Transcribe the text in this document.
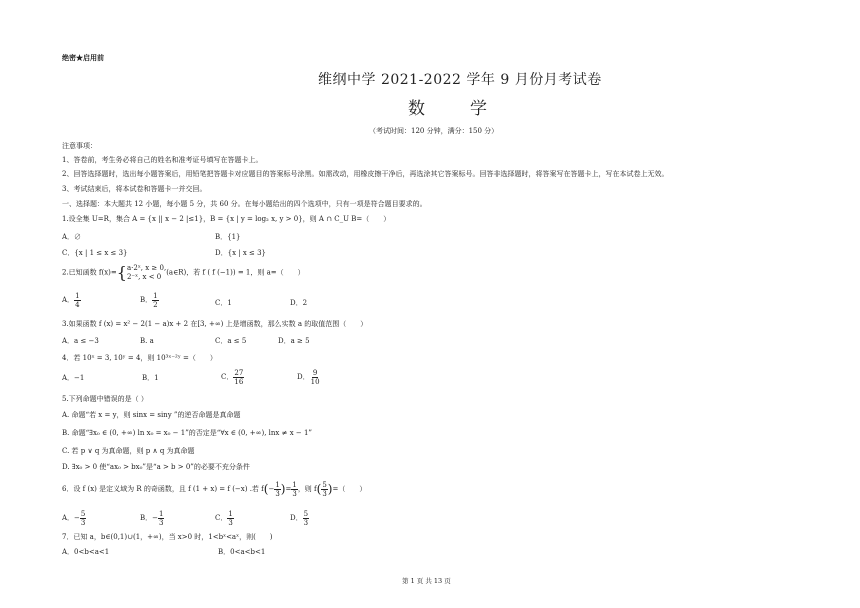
绝密★启用前
维纲中学 2021-2022 学年 9 月份月考试卷
数　学
（考试时间：120 分钟，满分：150 分）
注意事项：
1、答卷前，考生务必将自己的姓名和准考证号填写在答题卡上。
2、回答选择题时，选出每小题答案后，用铅笔把答题卡对应题目的答案标号涂黑。如需改动，用橡皮擦干净后，再选涂其它答案标号。回答非选择题时，将答案写在答题卡上，写在本试卷上无效。
3、考试结束后，将本试卷和答题卡一并交回。
一、选择题：本大题共 12 小题，每小题 5 分，共 60 分。在每小题给出的四个选项中，只有一项是符合题目要求的。
1.设全集 U=R，集合 A = {x || x − 2 |≤1}，B = {x | y = log₂ x, y > 0}，则 A ∩ C_U B=（　　）
A．∅	B．{1}
C．{x | 1 ≤ x ≤ 3}	D．{x | x ≤ 3}
2.已知函数 f(x)={ a·2ˣ, x ≥ 0,
2⁻ˣ, x < 0
(a∈R)，若 f ( f (−1)) = 1，则 a=（　　）
A． $\frac{1}{4}$	B． $\frac{1}{2}$	C．1	D．2
3.如果函数 f (x) = x² − 2(1 − a)x + 2 在[3, +∞) 上是增函数，那么实数 a 的取值范围（　　）
A．a ≤ −3	B. a	C．a ≤ 5	D．a ≥ 5
4．若 10ˣ = 3, 10ʸ = 4，则 10³ˣ⁻²ʸ =（　　）
A．−1	B．1	C． $\frac{27}{16}$	D． $\frac{9}{10}$
5.下列命题中错误的是（ ）
A. 命题“若 x = y，则 sinx = siny ”的逆否命题是真命题
B. 命题“∃x₀ ∈ (0, +∞) ln x₀ = x₀ − 1”的否定是“∀x ∈ (0, +∞), lnx ≠ x − 1”
C. 若 p ∨ q 为真命题，则 p ∧ q 为真命题
D. ∃x₀ > 0 使“ax₀ > bx₀”是“a > b > 0”的必要不充分条件
6．设 f (x) 是定义域为 R 的奇函数，且 f (1 + x) = f (−x) .若 $f(- \frac{1}{3}$ )= $\frac{1}{3}$ ，则 $f( \frac{5}{3}$ )=（　　）
A．− $\frac{5}{3}$	B．− $\frac{1}{3}$	C． $\frac{1}{3}$	D． $\frac{5}{3}$
7．已知 a，b∈(0,1)∪(1，+∞)，当 x>0 时，1<bˣ<aˣ，则(　　)
A．0<b<a<1	B．0<a<b<1
第 1 页 共 13 页
